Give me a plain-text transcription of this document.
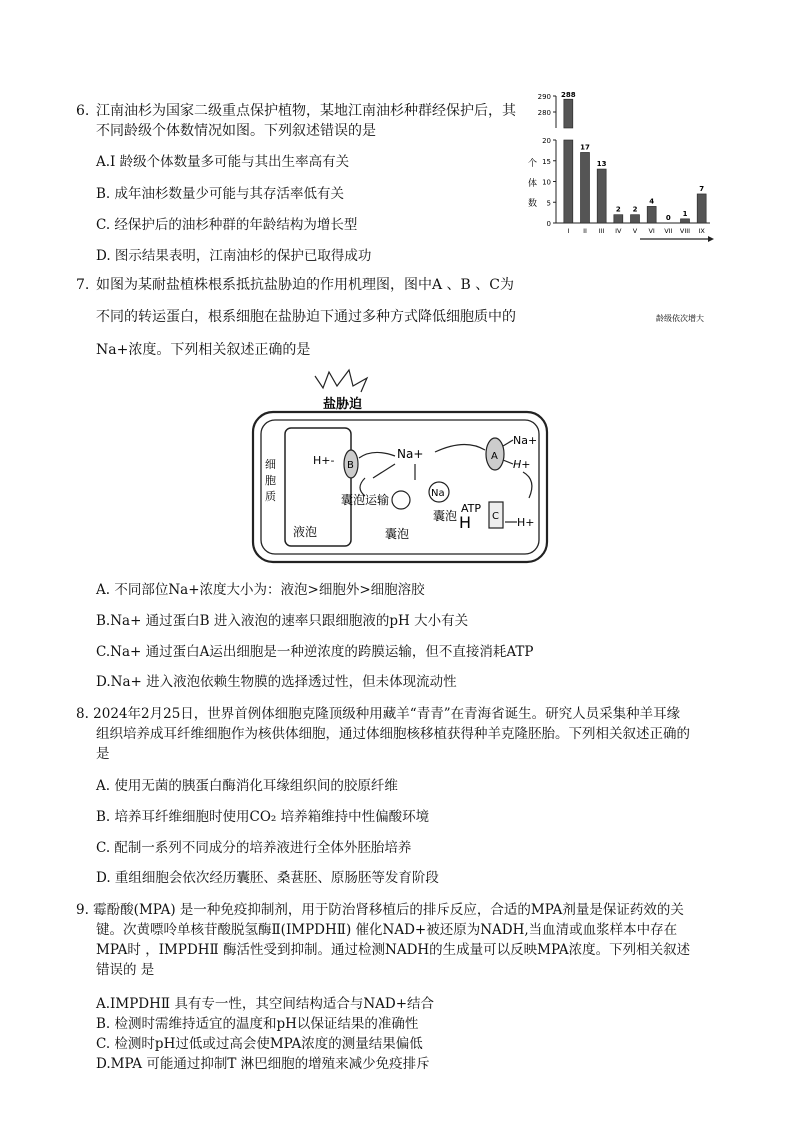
6. 江南油杉为国家二级重点保护植物，某地江南油杉种群经保护后，其
不同龄级个体数情况如图。下列叙述错误的是
A.I 龄级个体数量多可能与其出生率高有关
B. 成年油杉数量少可能与其存活率低有关
C. 经保护后的油杉种群的年龄结构为增长型
D. 图示结果表明，江南油杉的保护已取得成功
290
280
20
15
10
5
0
个
体
数
288
I
17
II
13
III
2
IV
2
V
4
VI
0
VII
1
VIII
7
IX
龄级依次增大
7. 如图为某耐盐植株根系抵抗盐胁迫的作用机理图，图中A 、B 、C为
不同的转运蛋白，根系细胞在盐胁迫下通过多种方式降低细胞质中的
Na+浓度。下列相关叙述正确的是
盐胁迫
细
胞
质
液泡
H+- B
Na+
囊泡运输	Na
囊泡
囊泡
ATP
H
A
Na+
H+
C H+
A. 不同部位Na+浓度大小为：液泡>细胞外>细胞溶胶
B.Na+ 通过蛋白B 进入液泡的速率只跟细胞液的pH 大小有关
C.Na+ 通过蛋白A运出细胞是一种逆浓度的跨膜运输，但不直接消耗ATP
D.Na+ 进入液泡依赖生物膜的选择透过性，但未体现流动性
8. 2024年2月25日，世界首例体细胞克隆顶级种用藏羊“青青”在青海省诞生。研究人员采集种羊耳缘
组织培养成耳纤维细胞作为核供体细胞，通过体细胞核移植获得种羊克隆胚胎。下列相关叙述正确的
是
A. 使用无菌的胰蛋白酶消化耳缘组织间的胶原纤维
B. 培养耳纤维细胞时使用CO₂ 培养箱维持中性偏酸环境
C. 配制一系列不同成分的培养液进行全体外胚胎培养
D. 重组细胞会依次经历囊胚、桑葚胚、原肠胚等发育阶段
9. 霉酚酸(MPA) 是一种免疫抑制剂，用于防治肾移植后的排斥反应，合适的MPA剂量是保证药效的关
键。次黄嘌呤单核苷酸脱氢酶Ⅱ(IMPDHⅡ) 催化NAD+被还原为NADH,当血清或血浆样本中存在
MPA时 ，IMPDHⅡ 酶活性受到抑制。通过检测NADH的生成量可以反映MPA浓度。下列相关叙述
错误的 是
A.IMPDHⅡ 具有专一性，其空间结构适合与NAD+结合
B. 检测时需维持适宜的温度和pH以保证结果的准确性
C. 检测时pH过低或过高会使MPA浓度的测量结果偏低
D.MPA 可能通过抑制T 淋巴细胞的增殖来减少免疫排斥
